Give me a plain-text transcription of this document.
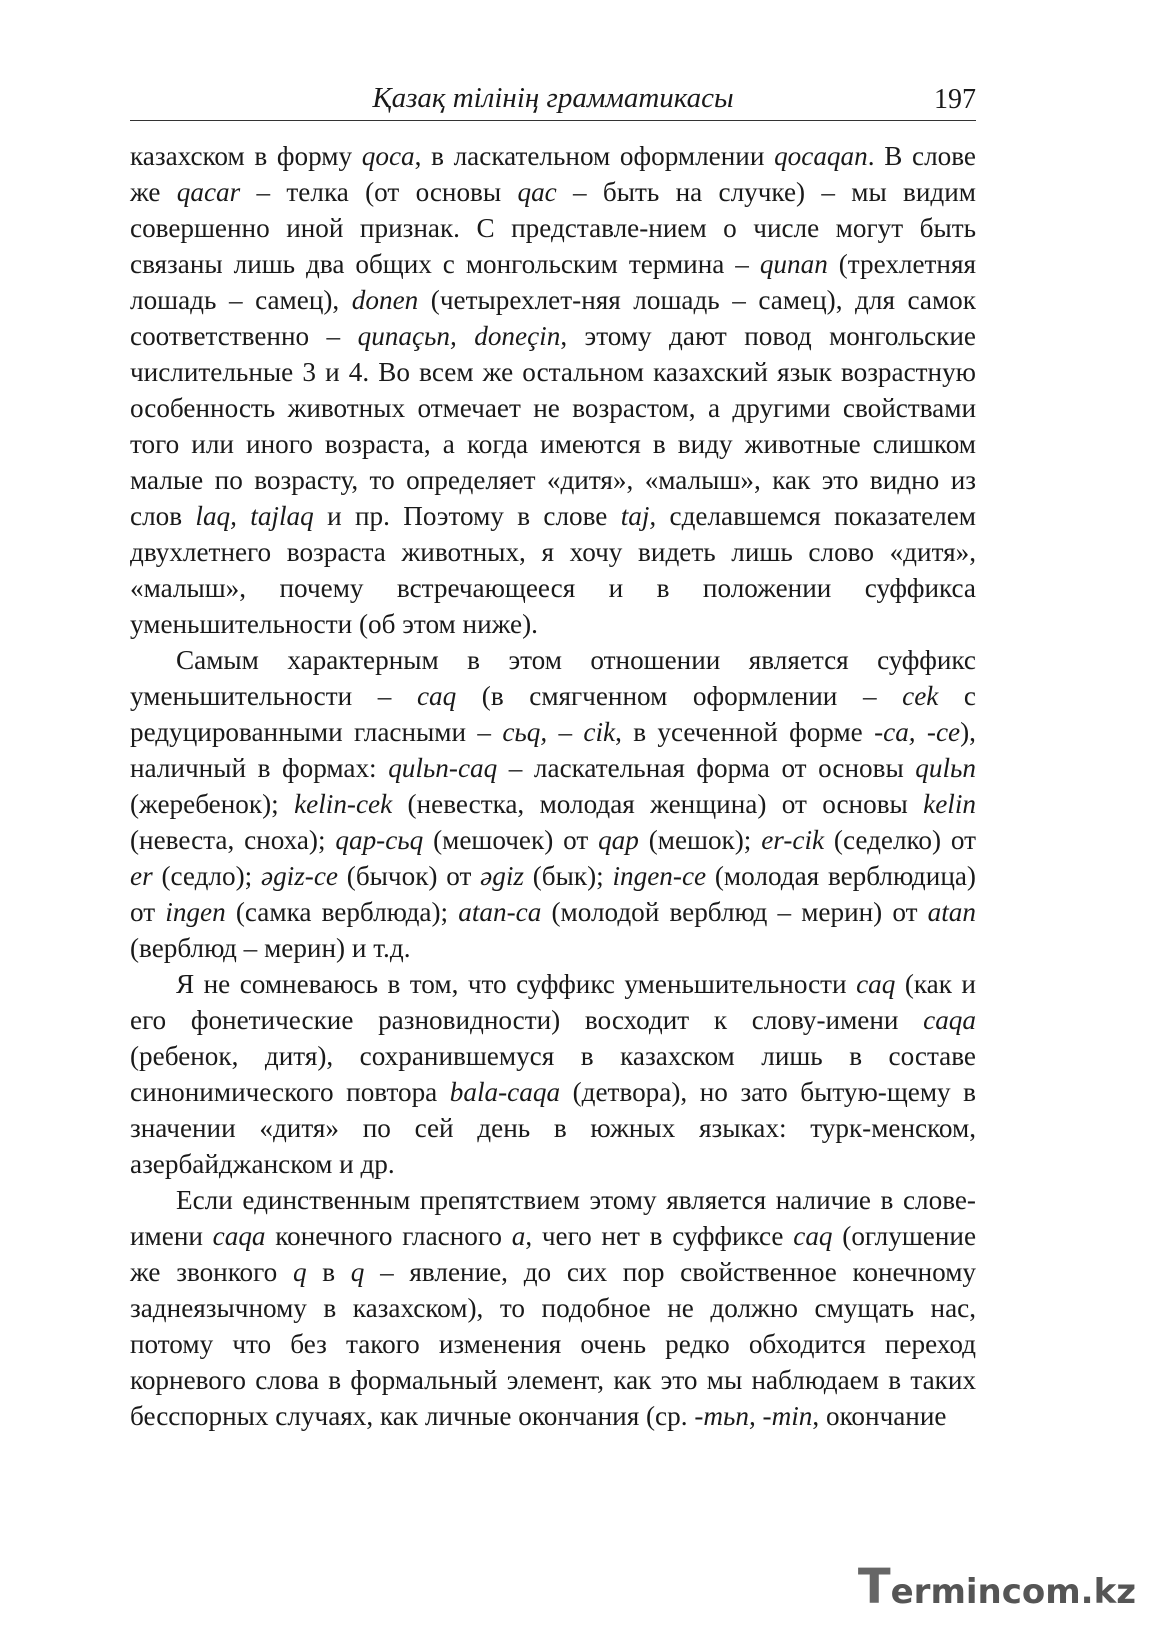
Қазақ тілінің грамматикасы	197

казахском в форму qoca, в ласкательном оформлении qocaqan. В слове же qacar – телка (от основы qac – быть на случке) – мы видим совершенно иной признак. С представле-нием о числе могут быть связаны лишь два общих с монгольским термина – qunan (трехлетняя лошадь – самец), donen (четырехлет-няя лошадь – самец), для самок соответственно – qunaçьn, doneçin, этому дают повод монгольские числительные 3 и 4. Во всем же остальном казахский язык возрастную особенность животных отмечает не возрастом, а другими свойствами того или иного возраста, а когда имеются в виду животные слишком малые по возрасту, то определяет «дитя», «малыш», как это видно из слов laq, tajlaq и пр. Поэтому в слове taj, сделавшемся показателем двухлетнего возраста животных, я хочу видеть лишь слово «дитя», «малыш», почему встречающееся и в положении суффикса уменьшительности (об этом ниже).

Самым характерным в этом отношении является суффикс уменьшительности – caq (в смягченном оформлении – cek с редуцированными гласными – cьq, – cik, в усеченной форме -ca, -ce), наличный в формах: qulьn-caq – ласкательная форма от основы qulьn (жеребенок); kelin-cek (невестка, молодая женщина) от основы kelin (невеста, сноха); qap-cьq (мешочек) от qap (мешок); er-cik (седелко) от er (седло); əgiz-ce (бычок) от əgiz (бык); ingen-ce (молодая верблюдица) от ingen (самка верблюда); atan-ca (молодой верблюд – мерин) от atan (верблюд – мерин) и т.д.

Я не сомневаюсь в том, что суффикс уменьшительности caq (как и его фонетические разновидности) восходит к слову-имени caqa (ребенок, дитя), сохранившемуся в казахском лишь в составе синонимического повтора bala-caqa (детвора), но зато бытую-щему в значении «дитя» по сей день в южных языках: турк-менском, азербайджанском и др.

Если единственным препятствием этому является наличие в слове-имени caqa конечного гласного a, чего нет в суффиксе caq (оглушение же звонкого q в q – явление, до сих пор свойственное конечному заднеязычному в казахском), то подобное не должно смущать нас, потому что без такого изменения очень редко обходится переход корневого слова в формальный элемент, как это мы наблюдаем в таких бесспорных случаях, как личные окончания (ср. -mьn, -min, окончание

Termincom.kz
